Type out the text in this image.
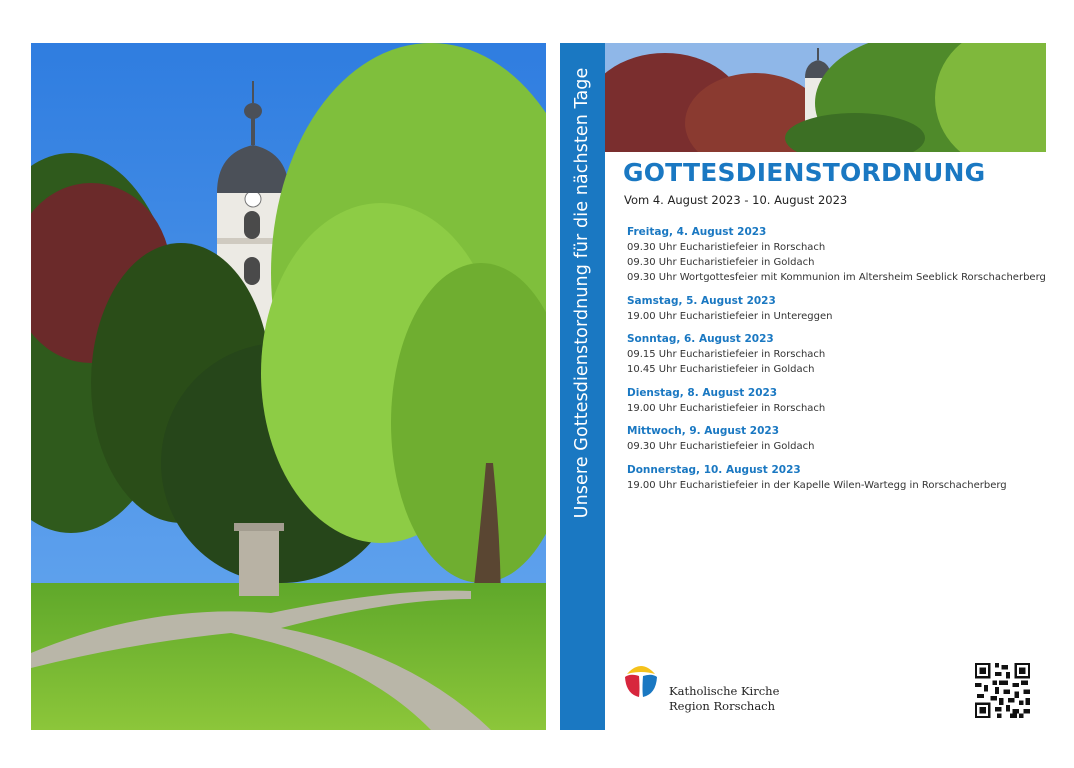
Unsere Gottesdienstordnung für die nächsten Tage GOTTESDIENSTORDNUNG
Vom 4. August 2023 - 10. August 2023
Freitag, 4. August 2023
09.30 Uhr Eucharistiefeier in Rorschach
09.30 Uhr Eucharistiefeier in Goldach
09.30 Uhr Wortgottesfeier mit Kommunion im Altersheim Seeblick Rorschacherberg
Samstag, 5. August 2023
19.00 Uhr Eucharistiefeier in Untereggen
Sonntag, 6. August 2023
09.15 Uhr Eucharistiefeier in Rorschach
10.45 Uhr Eucharistiefeier in Goldach
Dienstag, 8. August 2023
19.00 Uhr Eucharistiefeier in Rorschach
Mittwoch, 9. August 2023
09.30 Uhr Eucharistiefeier in Goldach
Donnerstag, 10. August 2023
19.00 Uhr Eucharistiefeier in der Kapelle Wilen-Wartegg in Rorschacherberg
Katholische Kirche
Region Rorschach
